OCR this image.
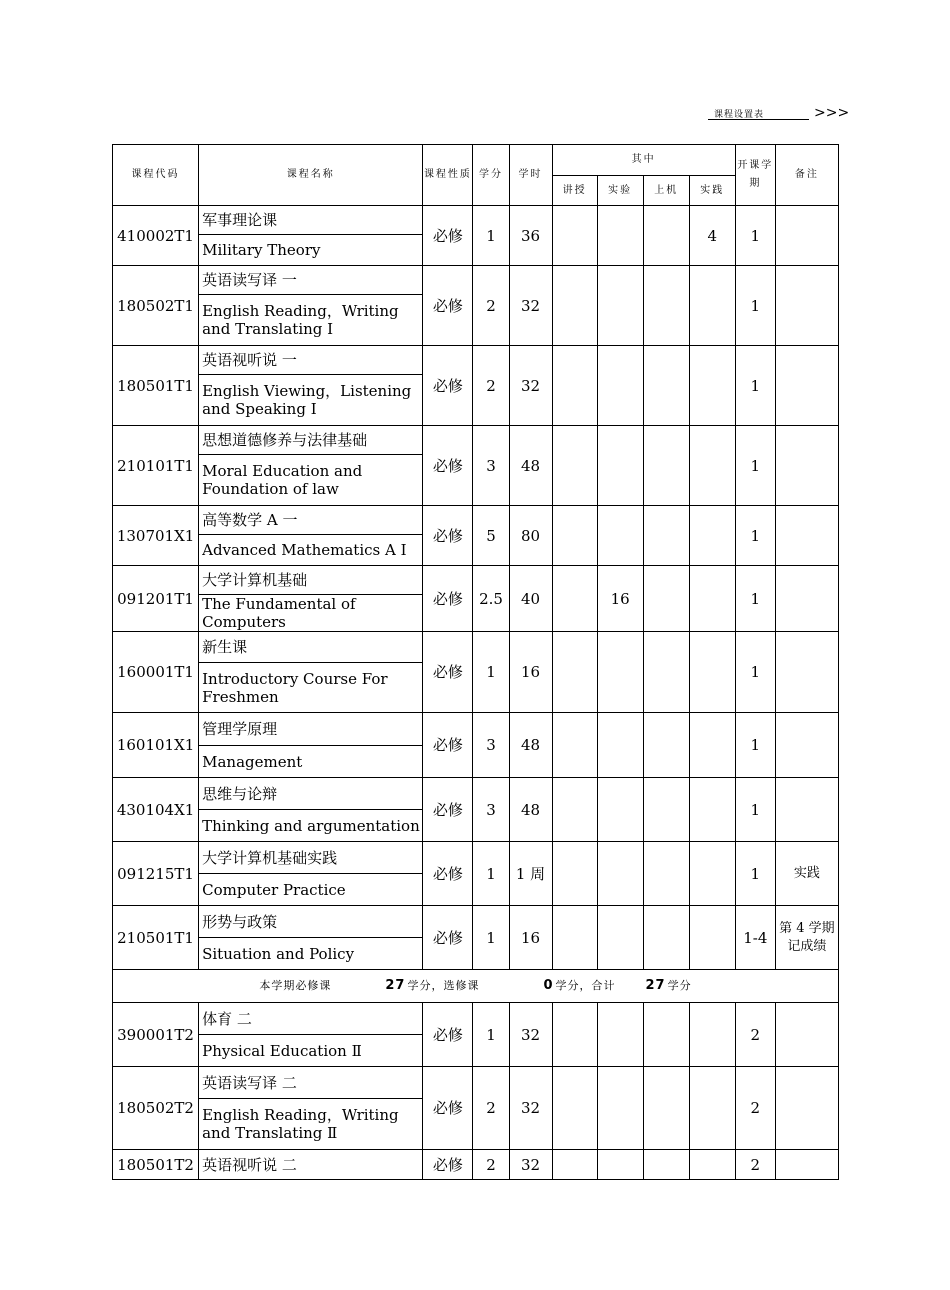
课程设置表	>>>
课程代码	课程名称	课程性质	学分	学时	其中				开课学期	备注
					讲授	实验	上机	实践		
410002T1	军事理论课	必修	1	36				4	1	
	Military Theory									
180502T1	英语读写译 一	必修	2	32					1	
	English Reading，Writing and Translating Ⅰ									
180501T1	英语视听说 一	必修	2	32					1	
	English Viewing，Listening and Speaking Ⅰ									
210101T1	思想道德修养与法律基础	必修	3	48					1	
	Moral Education and Foundation of law									
130701X1	高等数学 A 一	必修	5	80					1	
	Advanced Mathematics A Ⅰ									
091201T1	大学计算机基础	必修	2.5	40		16			1	
	The Fundamental of Computers									
160001T1	新生课	必修	1	16					1	
	Introductory Course For Freshmen									
160101X1	管理学原理	必修	3	48					1	
	Management									
430104X1	思维与论辩	必修	3	48					1	
	Thinking and argumentation									
091215T1	大学计算机基础实践	必修	1	1 周					1	实践
	Computer Practice									
210501T1	形势与政策	必修	1	16					1-4	第 4 学期记成绩
	Situation and Policy									
本学期必修课 27 学分，选修课 0 学分，合计 27 学分										
390001T2	体育 二	必修	1	32					2	
	Physical Education Ⅱ									
180502T2	英语读写译 二	必修	2	32					2	
	English Reading，Writing and Translating Ⅱ									
180501T2	英语视听说 二	必修	2	32					2	
